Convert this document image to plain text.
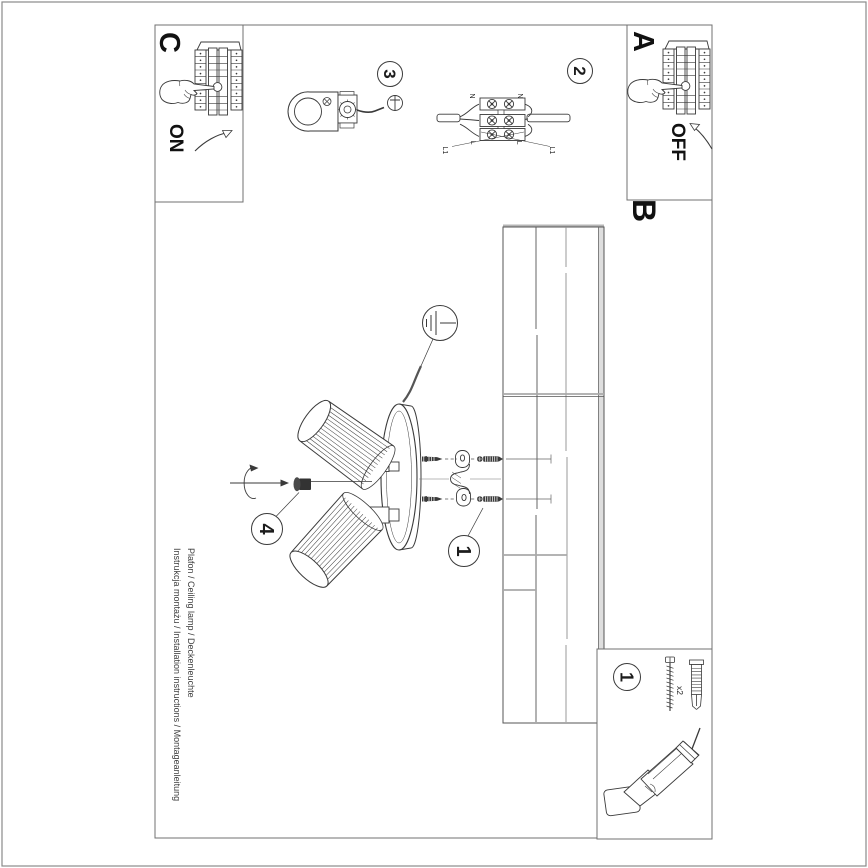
N	N
L	L
L1	L1
3	2
4
1
C
ON
A
OFF
B
1
x2
Instrukcja montażu / Installation instructions / Montageanleitung Plafon / Ceiling lamp / Deckenleuchte
